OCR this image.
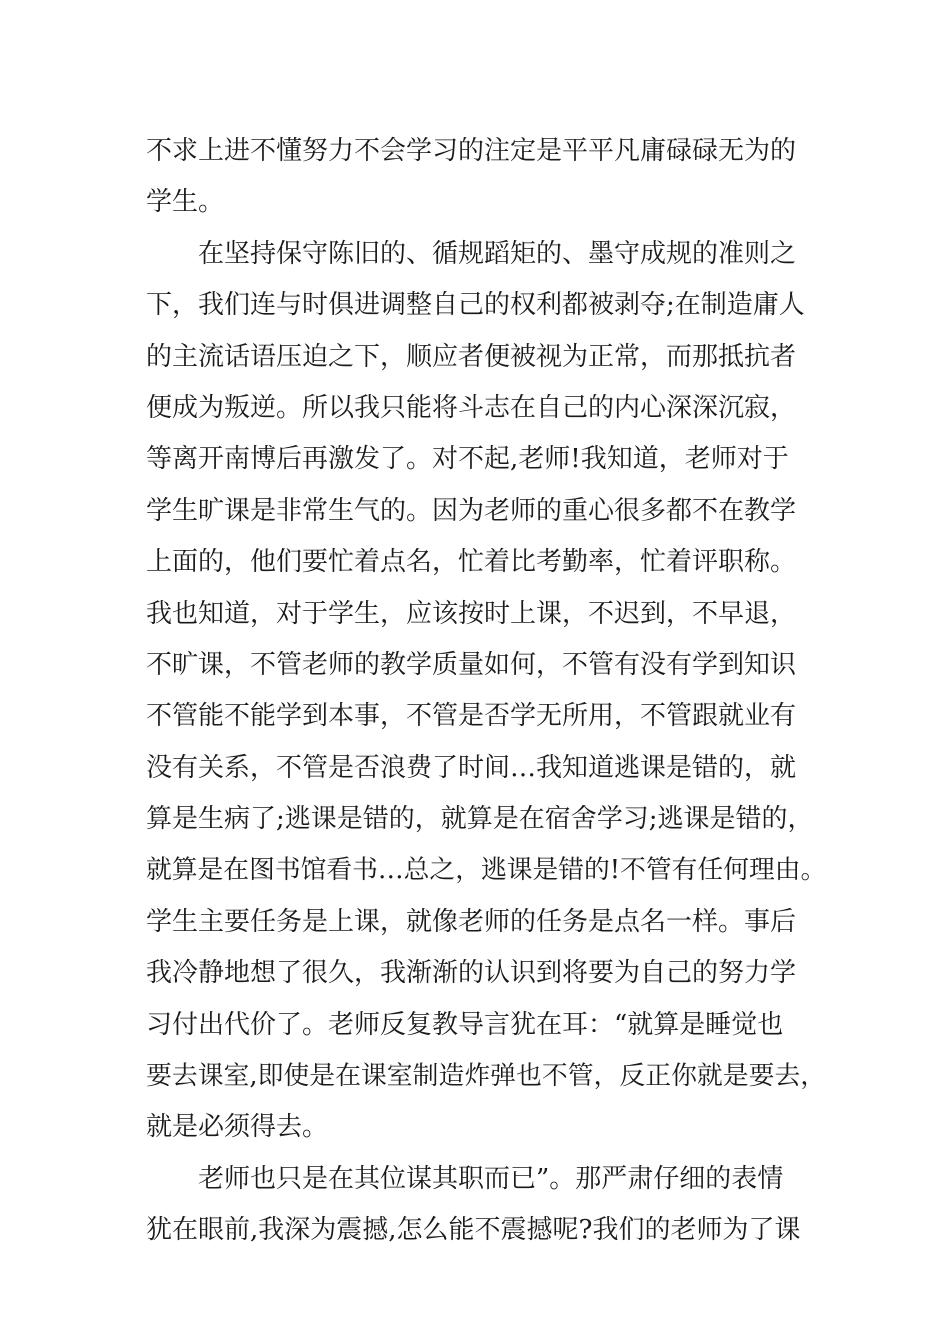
不求上进不懂努力不会学习的注定是平平凡庸碌碌无为的
学生。
在坚持保守陈旧的、循规蹈矩的、墨守成规的准则之
下，我们连与时俱进调整自己的权利都被剥夺;在制造庸人
的主流话语压迫之下，顺应者便被视为正常，而那抵抗者
便成为叛逆。所以我只能将斗志在自己的内心深深沉寂，
等离开南博后再激发了。对不起,老师!我知道，老师对于
学生旷课是非常生气的。因为老师的重心很多都不在教学
上面的，他们要忙着点名，忙着比考勤率，忙着评职称。
我也知道，对于学生，应该按时上课，不迟到，不早退，
不旷课，不管老师的教学质量如何，不管有没有学到知识
不管能不能学到本事，不管是否学无所用，不管跟就业有
没有关系，不管是否浪费了时间…我知道逃课是错的，就
算是生病了;逃课是错的，就算是在宿舍学习;逃课是错的，
就算是在图书馆看书…总之，逃课是错的!不管有任何理由。
学生主要任务是上课，就像老师的任务是点名一样。事后
我冷静地想了很久，我渐渐的认识到将要为自己的努力学
习付出代价了。老师反复教导言犹在耳：“就算是睡觉也
要去课室,即使是在课室制造炸弹也不管，反正你就是要去，
就是必须得去。
老师也只是在其位谋其职而已”。那严肃仔细的表情
犹在眼前,我深为震撼,怎么能不震撼呢?我们的老师为了课
